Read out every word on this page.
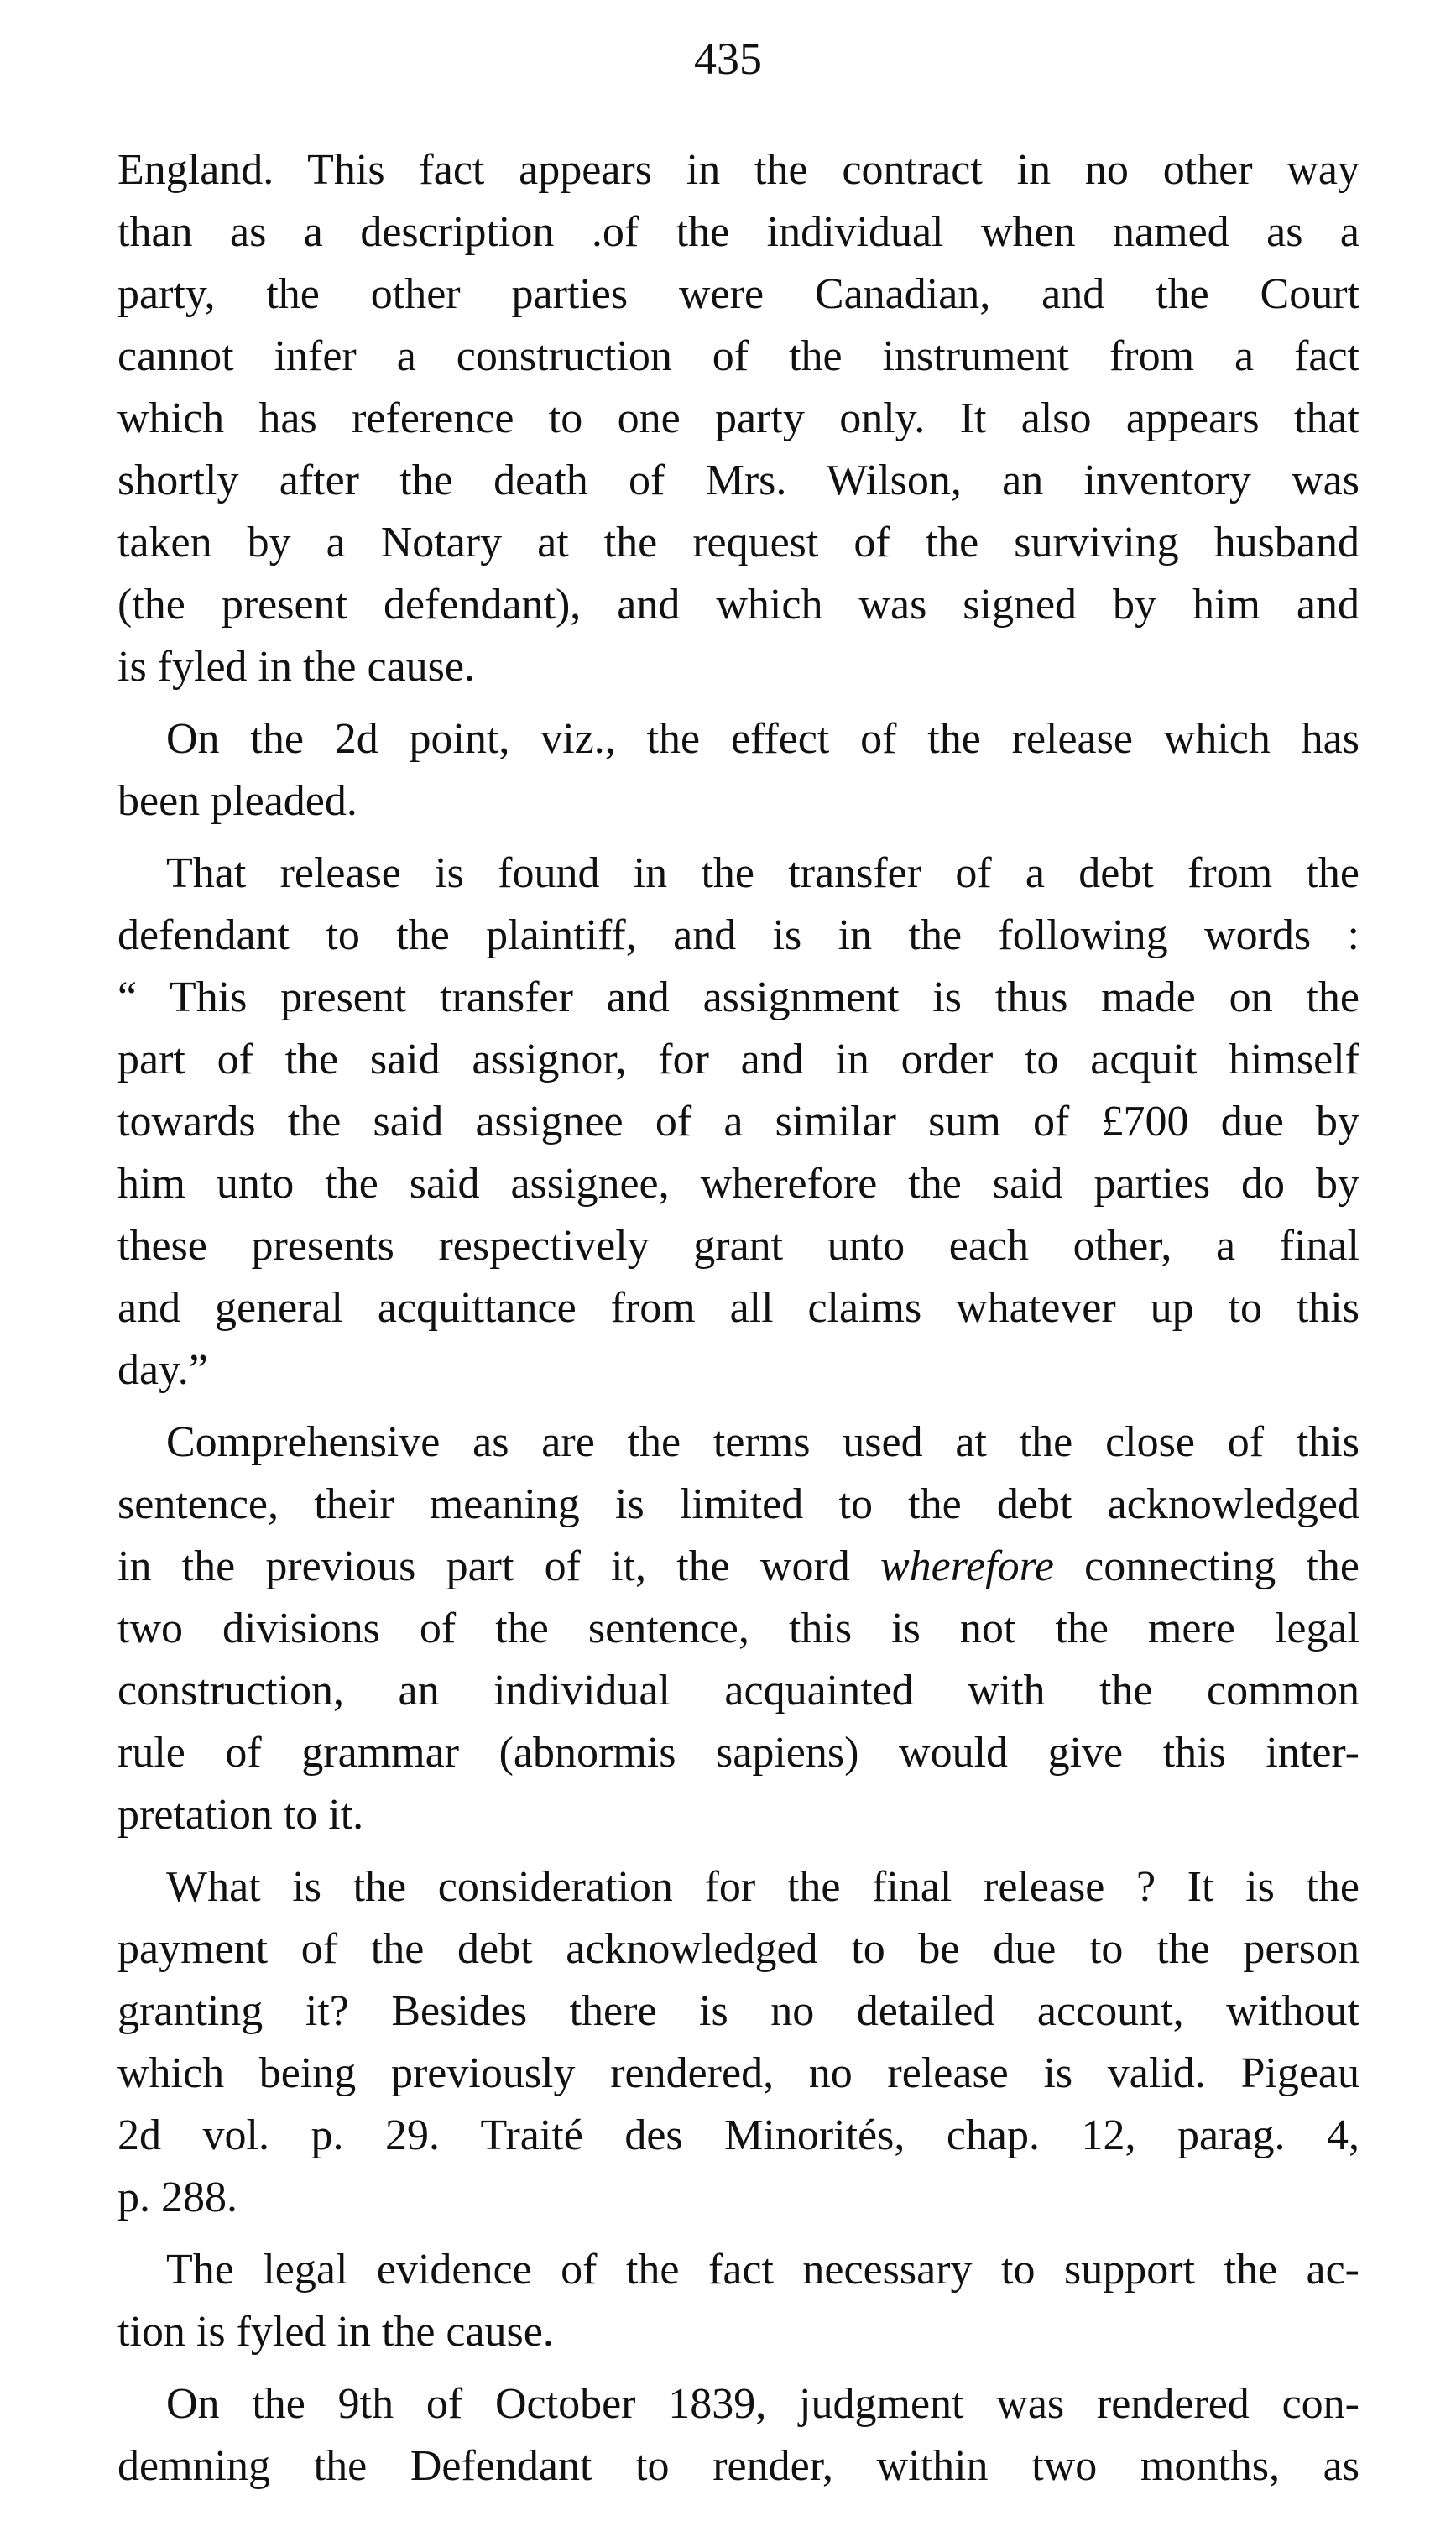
435
England. This fact appears in the contract in no other way
than as a description .of the individual when named as a
party, the other parties were Canadian, and the Court
cannot infer a construction of the instrument from a fact
which has reference to one party only. It also appears that
shortly after the death of Mrs. Wilson, an inventory was
taken by a Notary at the request of the surviving husband
(the present defendant), and which was signed by him and
is fyled in the cause.
On the 2d point, viz., the effect of the release which has
been pleaded.
That release is found in the transfer of a debt from the
defendant to the plaintiff, and is in the following words :
“ This present transfer and assignment is thus made on the
part of the said assignor, for and in order to acquit himself
towards the said assignee of a similar sum of £700 due by
him unto the said assignee, wherefore the said parties do by
these presents respectively grant unto each other, a final
and general acquittance from all claims whatever up to this
day.”
Comprehensive as are the terms used at the close of this
sentence, their meaning is limited to the debt acknowledged
in the previous part of it, the word wherefore connecting the
two divisions of the sentence, this is not the mere legal
construction, an individual acquainted with the common
rule of grammar (abnormis sapiens) would give this inter-
pretation to it.
What is the consideration for the final release ? It is the
payment of the debt acknowledged to be due to the person
granting it? Besides there is no detailed account, without
which being previously rendered, no release is valid. Pigeau
2d vol. p. 29. Traité des Minorités, chap. 12, parag. 4,
p. 288.
The legal evidence of the fact necessary to support the ac-
tion is fyled in the cause.
On the 9th of October 1839, judgment was rendered con-
demning the Defendant to render, within two months, as
